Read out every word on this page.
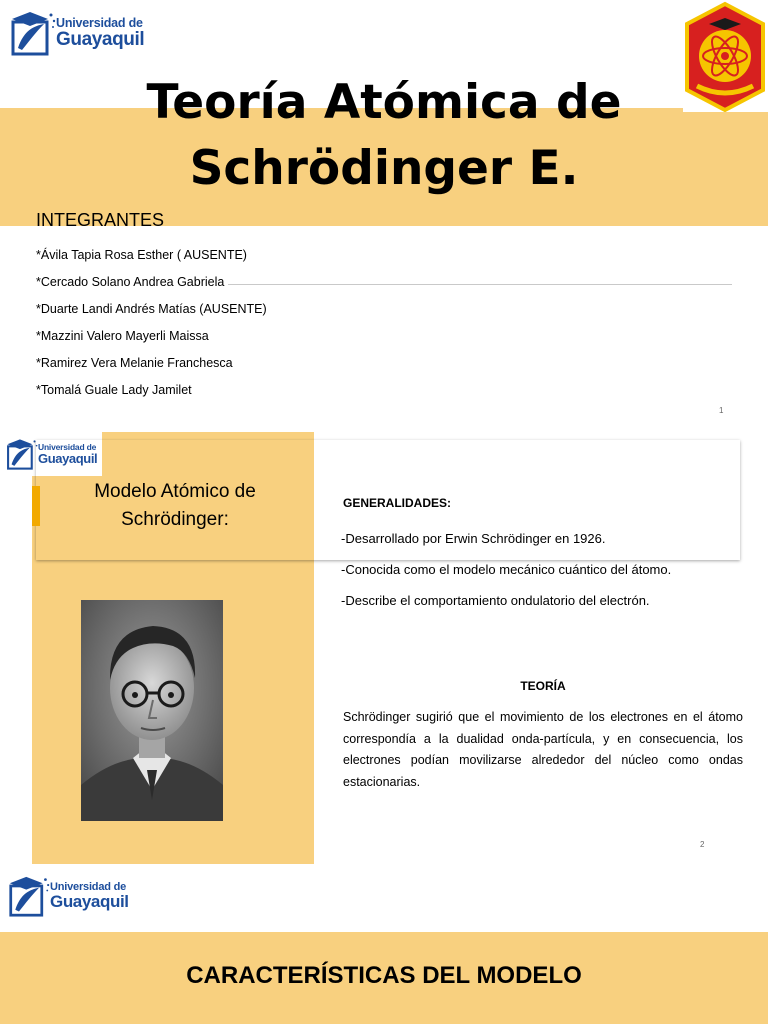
Universidad de
Guayaquil
Teoría Atómica de
Schrödinger E.
INTEGRANTES
*Ávila Tapia Rosa Esther ( AUSENTE)
*Cercado Solano Andrea Gabriela
*Duarte Landi Andrés Matías (AUSENTE)
*Mazzini Valero Mayerli Maissa
*Ramirez Vera Melanie Franchesca
*Tomalá Guale Lady Jamilet
1
Universidad de
Guayaquil
Modelo Atómico de
Schrödinger:
GENERALIDADES:
-Desarrollado por Erwin Schrödinger en 1926.
-Conocida como el modelo mecánico cuántico del átomo.
-Describe el comportamiento ondulatorio del electrón.
TEORÍA

Schrödinger sugirió que el movimiento de los electrones en el átomo correspondía a la dualidad onda-partícula, y en consecuencia, los electrones podían movilizarse alrededor del núcleo como ondas estacionarias.

2
Universidad de
Guayaquil
CARACTERÍSTICAS DEL MODELO
